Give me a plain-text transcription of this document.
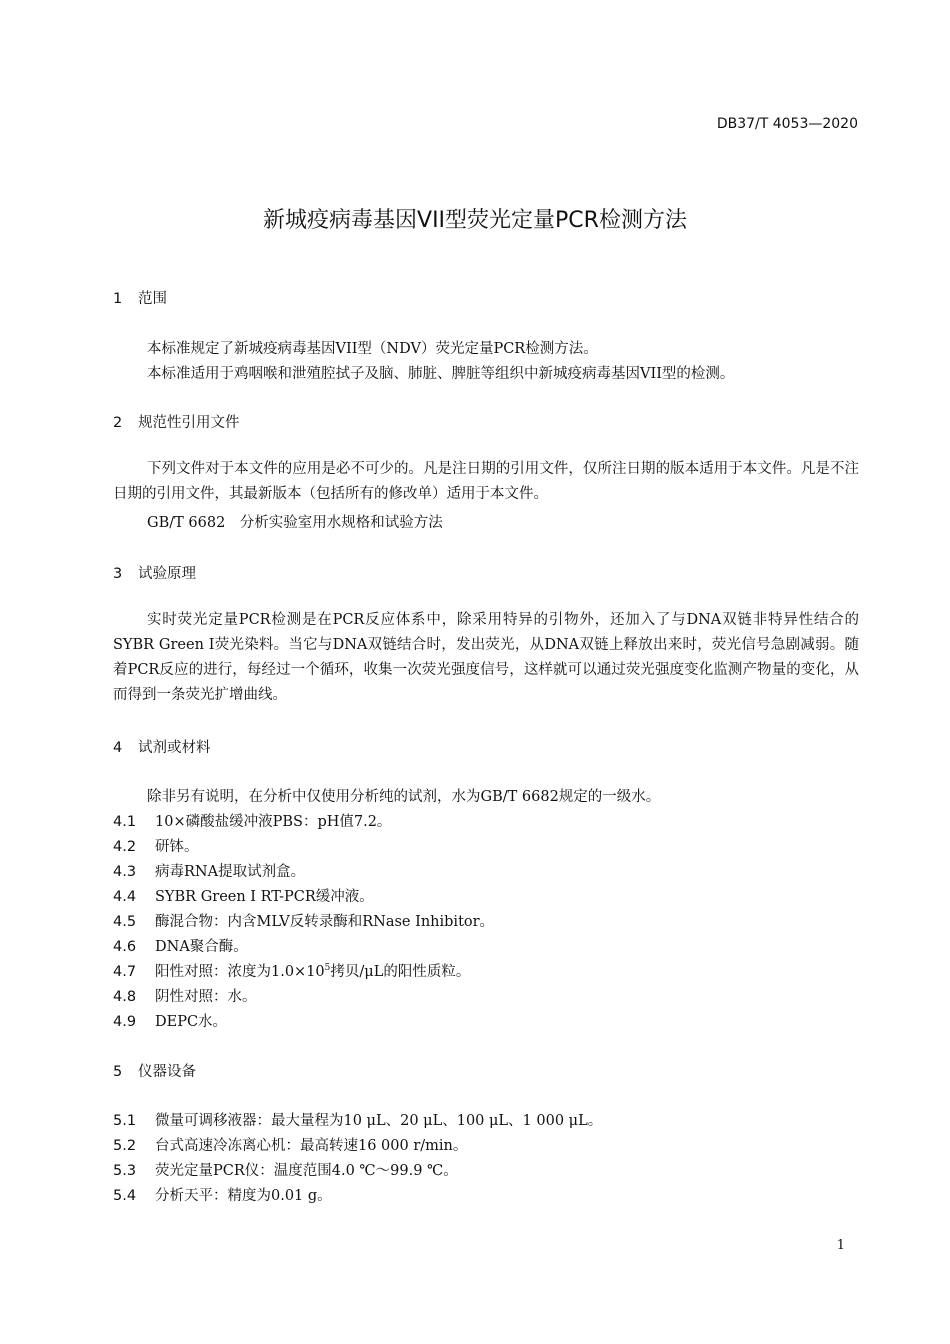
DB37/T 4053—2020
新城疫病毒基因VII型荧光定量PCR检测方法
1 范围
本标准规定了新城疫病毒基因VII型（NDV）荧光定量PCR检测方法。
本标准适用于鸡咽喉和泄殖腔拭子及脑、肺脏、脾脏等组织中新城疫病毒基因VII型的检测。
2 规范性引用文件
下列文件对于本文件的应用是必不可少的。凡是注日期的引用文件，仅所注日期的版本适用于本文件。凡是不注日期的引用文件，其最新版本（包括所有的修改单）适用于本文件。
GB/T 6682　分析实验室用水规格和试验方法
3 试验原理
实时荧光定量PCR检测是在PCR反应体系中，除采用特异的引物外，还加入了与DNA双链非特异性结合的SYBR Green I荧光染料。当它与DNA双链结合时，发出荧光，从DNA双链上释放出来时，荧光信号急剧减弱。随着PCR反应的进行，每经过一个循环，收集一次荧光强度信号，这样就可以通过荧光强度变化监测产物量的变化，从而得到一条荧光扩增曲线。
4 试剂或材料
除非另有说明，在分析中仅使用分析纯的试剂，水为GB/T 6682规定的一级水。
4.1 10×磷酸盐缓冲液PBS：pH值7.2。
4.2 研钵。
4.3 病毒RNA提取试剂盒。
4.4 SYBR Green I RT-PCR缓冲液。
4.5 酶混合物：内含MLV反转录酶和RNase Inhibitor。
4.6 DNA聚合酶。
4.7 阳性对照：浓度为$1.0\times 10^5$拷贝/μL的阳性质粒。
4.8 阴性对照：水。
4.9 DEPC水。
5 仪器设备
5.1 微量可调移液器：最大量程为10 μL、20 μL、100 μL、1 000 μL。
5.2 台式高速冷冻离心机：最高转速16 000 r/min。
5.3 荧光定量PCR仪：温度范围4.0 ℃～99.9 ℃。
5.4 分析天平：精度为0.01 g。
1
